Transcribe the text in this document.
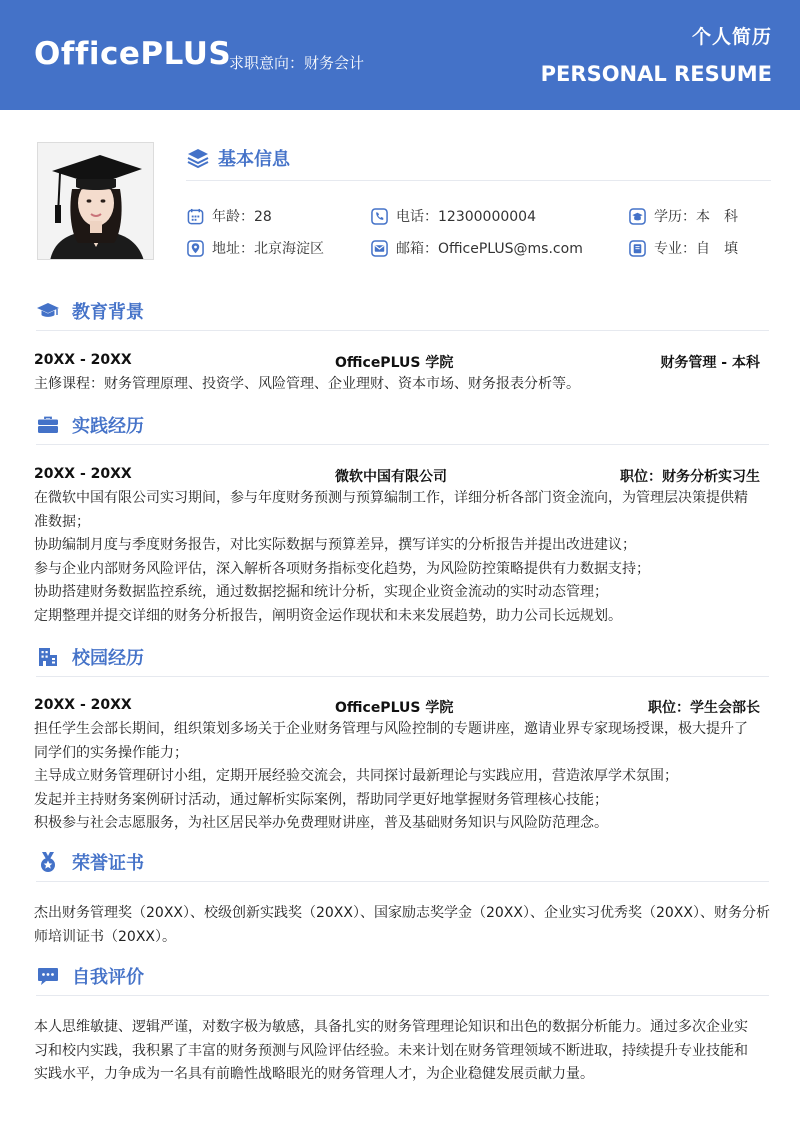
OfficePLUS
求职意向：财务会计
个人简历
PERSONAL RESUME
基本信息
年龄：28	电话：12300000004	学历：本　科
地址：北京海淀区	邮箱：OfficePLUS@ms.com	专业：自　填
教育背景
20XX - 20XX	OfficePLUS 学院	财务管理 - 本科
主修课程：财务管理原理、投资学、风险管理、企业理财、资本市场、财务报表分析等。
实践经历
20XX - 20XX	微软中国有限公司	职位：财务分析实习生
在微软中国有限公司实习期间，参与年度财务预测与预算编制工作，详细分析各部门资金流向，为管理层决策提供精
准数据；
协助编制月度与季度财务报告，对比实际数据与预算差异，撰写详实的分析报告并提出改进建议；
参与企业内部财务风险评估，深入解析各项财务指标变化趋势，为风险防控策略提供有力数据支持；
协助搭建财务数据监控系统，通过数据挖掘和统计分析，实现企业资金流动的实时动态管理；
定期整理并提交详细的财务分析报告，阐明资金运作现状和未来发展趋势，助力公司长远规划。
校园经历
20XX - 20XX	OfficePLUS 学院	职位：学生会部长
担任学生会部长期间，组织策划多场关于企业财务管理与风险控制的专题讲座，邀请业界专家现场授课，极大提升了
同学们的实务操作能力；
主导成立财务管理研讨小组，定期开展经验交流会，共同探讨最新理论与实践应用，营造浓厚学术氛围；
发起并主持财务案例研讨活动，通过解析实际案例，帮助同学更好地掌握财务管理核心技能；
积极参与社会志愿服务，为社区居民举办免费理财讲座，普及基础财务知识与风险防范理念。
荣誉证书
杰出财务管理奖（20XX）、校级创新实践奖（20XX）、国家励志奖学金（20XX）、企业实习优秀奖（20XX）、财务分析
师培训证书（20XX）。
自我评价
本人思维敏捷、逻辑严谨，对数字极为敏感，具备扎实的财务管理理论知识和出色的数据分析能力。通过多次企业实
习和校内实践，我积累了丰富的财务预测与风险评估经验。未来计划在财务管理领域不断进取，持续提升专业技能和
实践水平，力争成为一名具有前瞻性战略眼光的财务管理人才，为企业稳健发展贡献力量。
